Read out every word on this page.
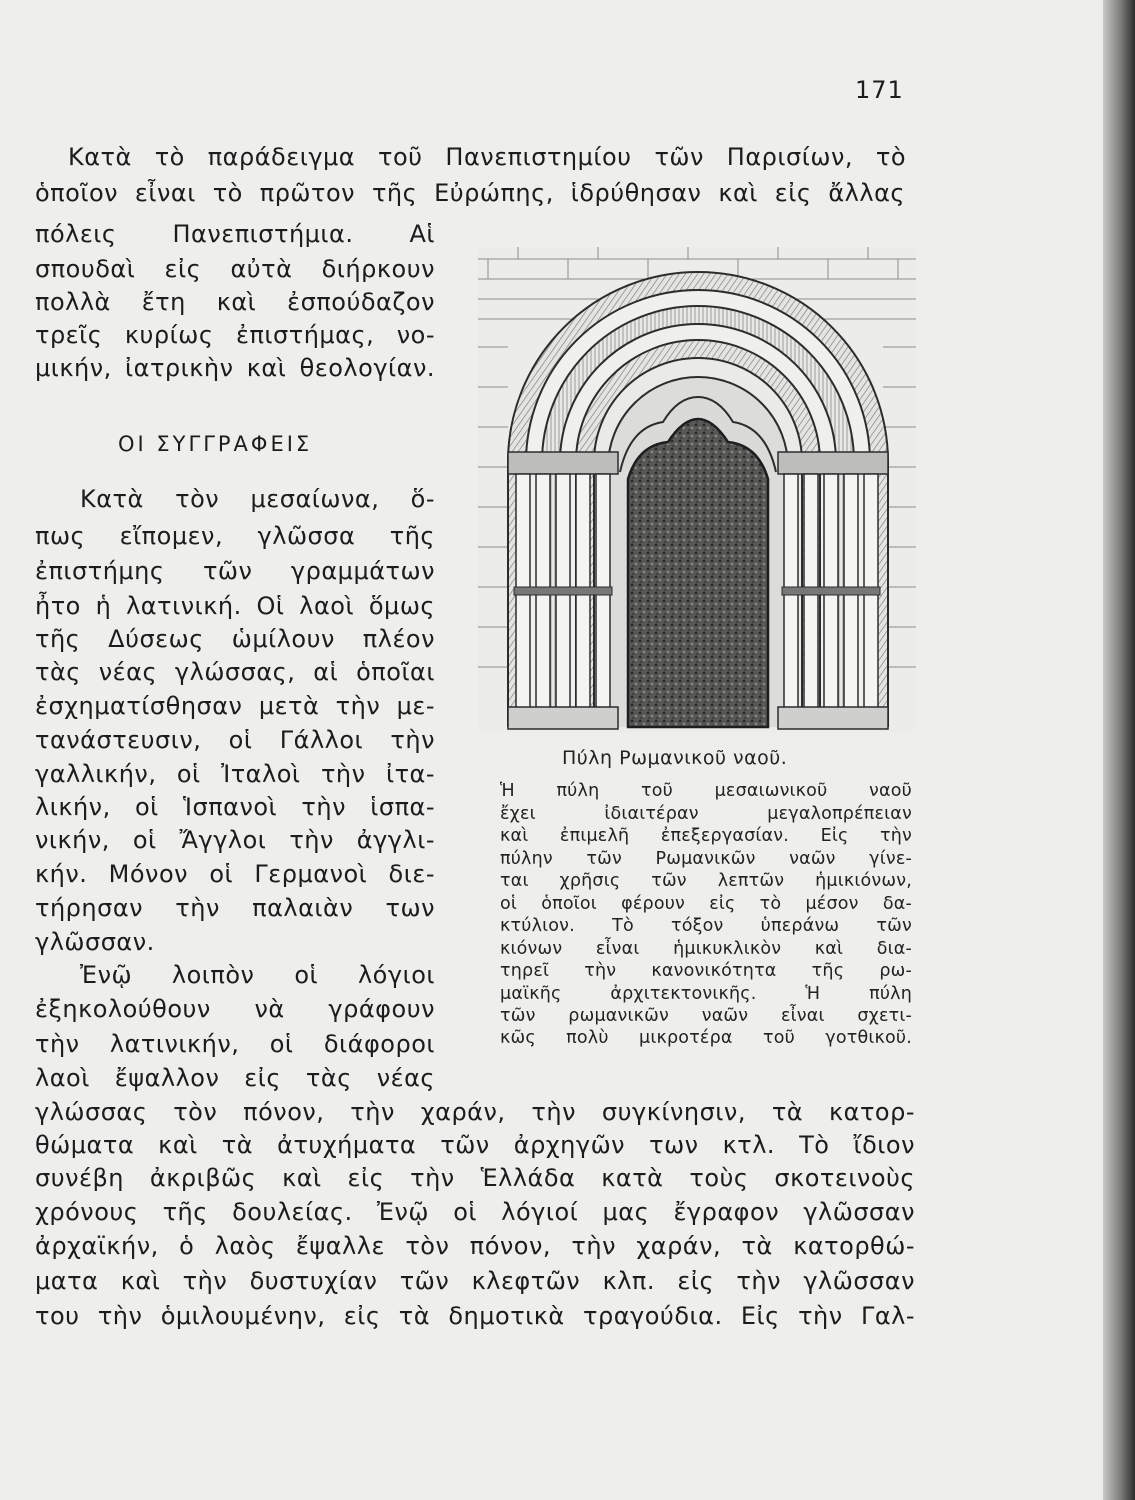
171
Κατὰ τὸ παράδειγμα τοῦ Πανεπιστημίου τῶν Παρισίων, τὸ
ὁποῖον εἶναι τὸ πρῶτον τῆς Εὐρώπης, ἱδρύθησαν καὶ εἰς ἄλλας
πόλεις Πανεπιστήμια. Αἱ
σπουδαὶ εἰς αὐτὰ διήρκουν
πολλὰ ἔτη καὶ ἐσπούδαζον
τρεῖς κυρίως ἐπιστήμας, νο-
μικήν, ἰατρικὴν καὶ θεολογίαν.
ΟΙ ΣΥΓΓΡΑΦΕΙΣ
Κατὰ τὸν μεσαίωνα, ὅ-
πως εἴπομεν, γλῶσσα τῆς
ἐπιστήμης τῶν γραμμάτων
ἦτο ἡ λατινική. Οἱ λαοὶ ὅμως
τῆς Δύσεως ὡμίλουν πλέον
τὰς νέας γλώσσας, αἱ ὁποῖαι
ἐσχηματίσθησαν μετὰ τὴν με-
τανάστευσιν, οἱ Γάλλοι τὴν
γαλλικήν, οἱ Ἰταλοὶ τὴν ἰτα-
λικήν, οἱ Ἱσπανοὶ τὴν ἱσπα-
νικήν, οἱ Ἄγγλοι τὴν ἀγγλι-
κήν. Μόνον οἱ Γερμανοὶ διε-
τήρησαν τὴν παλαιὰν των
γλῶσσαν.
Ἐνῷ λοιπὸν οἱ λόγιοι
ἐξηκολούθουν νὰ γράφουν
τὴν λατινικήν, οἱ διάφοροι
λαοὶ ἔψαλλον εἰς τὰς νέας
Πύλη Ρωμανικοῦ ναοῦ.
Ἡ πύλη τοῦ μεσαιωνικοῦ ναοῦ
ἔχει ἰδιαιτέραν μεγαλοπρέπειαν
καὶ ἐπιμελῆ ἐπεξεργασίαν. Εἰς τὴν
πύλην τῶν Ρωμανικῶν ναῶν γίνε-
ται χρῆσις τῶν λεπτῶν ἡμικιόνων,
οἱ ὁποῖοι φέρουν εἰς τὸ μέσον δα-
κτύλιον. Τὸ τόξον ὑπεράνω τῶν
κιόνων εἶναι ἡμικυκλικὸν καὶ δια-
τηρεῖ τὴν κανονικότητα τῆς ρω-
μαϊκῆς ἀρχιτεκτονικῆς. Ἡ πύλη
τῶν ρωμανικῶν ναῶν εἶναι σχετι-
κῶς πολὺ μικροτέρα τοῦ γοτθικοῦ.
γλώσσας τὸν πόνον, τὴν χαράν, τὴν συγκίνησιν, τὰ κατορ-
θώματα καὶ τὰ ἀτυχήματα τῶν ἀρχηγῶν των κτλ. Τὸ ἴδιον
συνέβη ἀκριβῶς καὶ εἰς τὴν Ἑλλάδα κατὰ τοὺς σκοτεινοὺς
χρόνους τῆς δουλείας. Ἐνῷ οἱ λόγιοί μας ἔγραφον γλῶσσαν
ἀρχαϊκήν, ὁ λαὸς ἔψαλλε τὸν πόνον, τὴν χαράν, τὰ κατορθώ-
ματα καὶ τὴν δυστυχίαν τῶν κλεφτῶν κλπ. εἰς τὴν γλῶσσαν
του τὴν ὁμιλουμένην, εἰς τὰ δημοτικὰ τραγούδια. Εἰς τὴν Γαλ-
